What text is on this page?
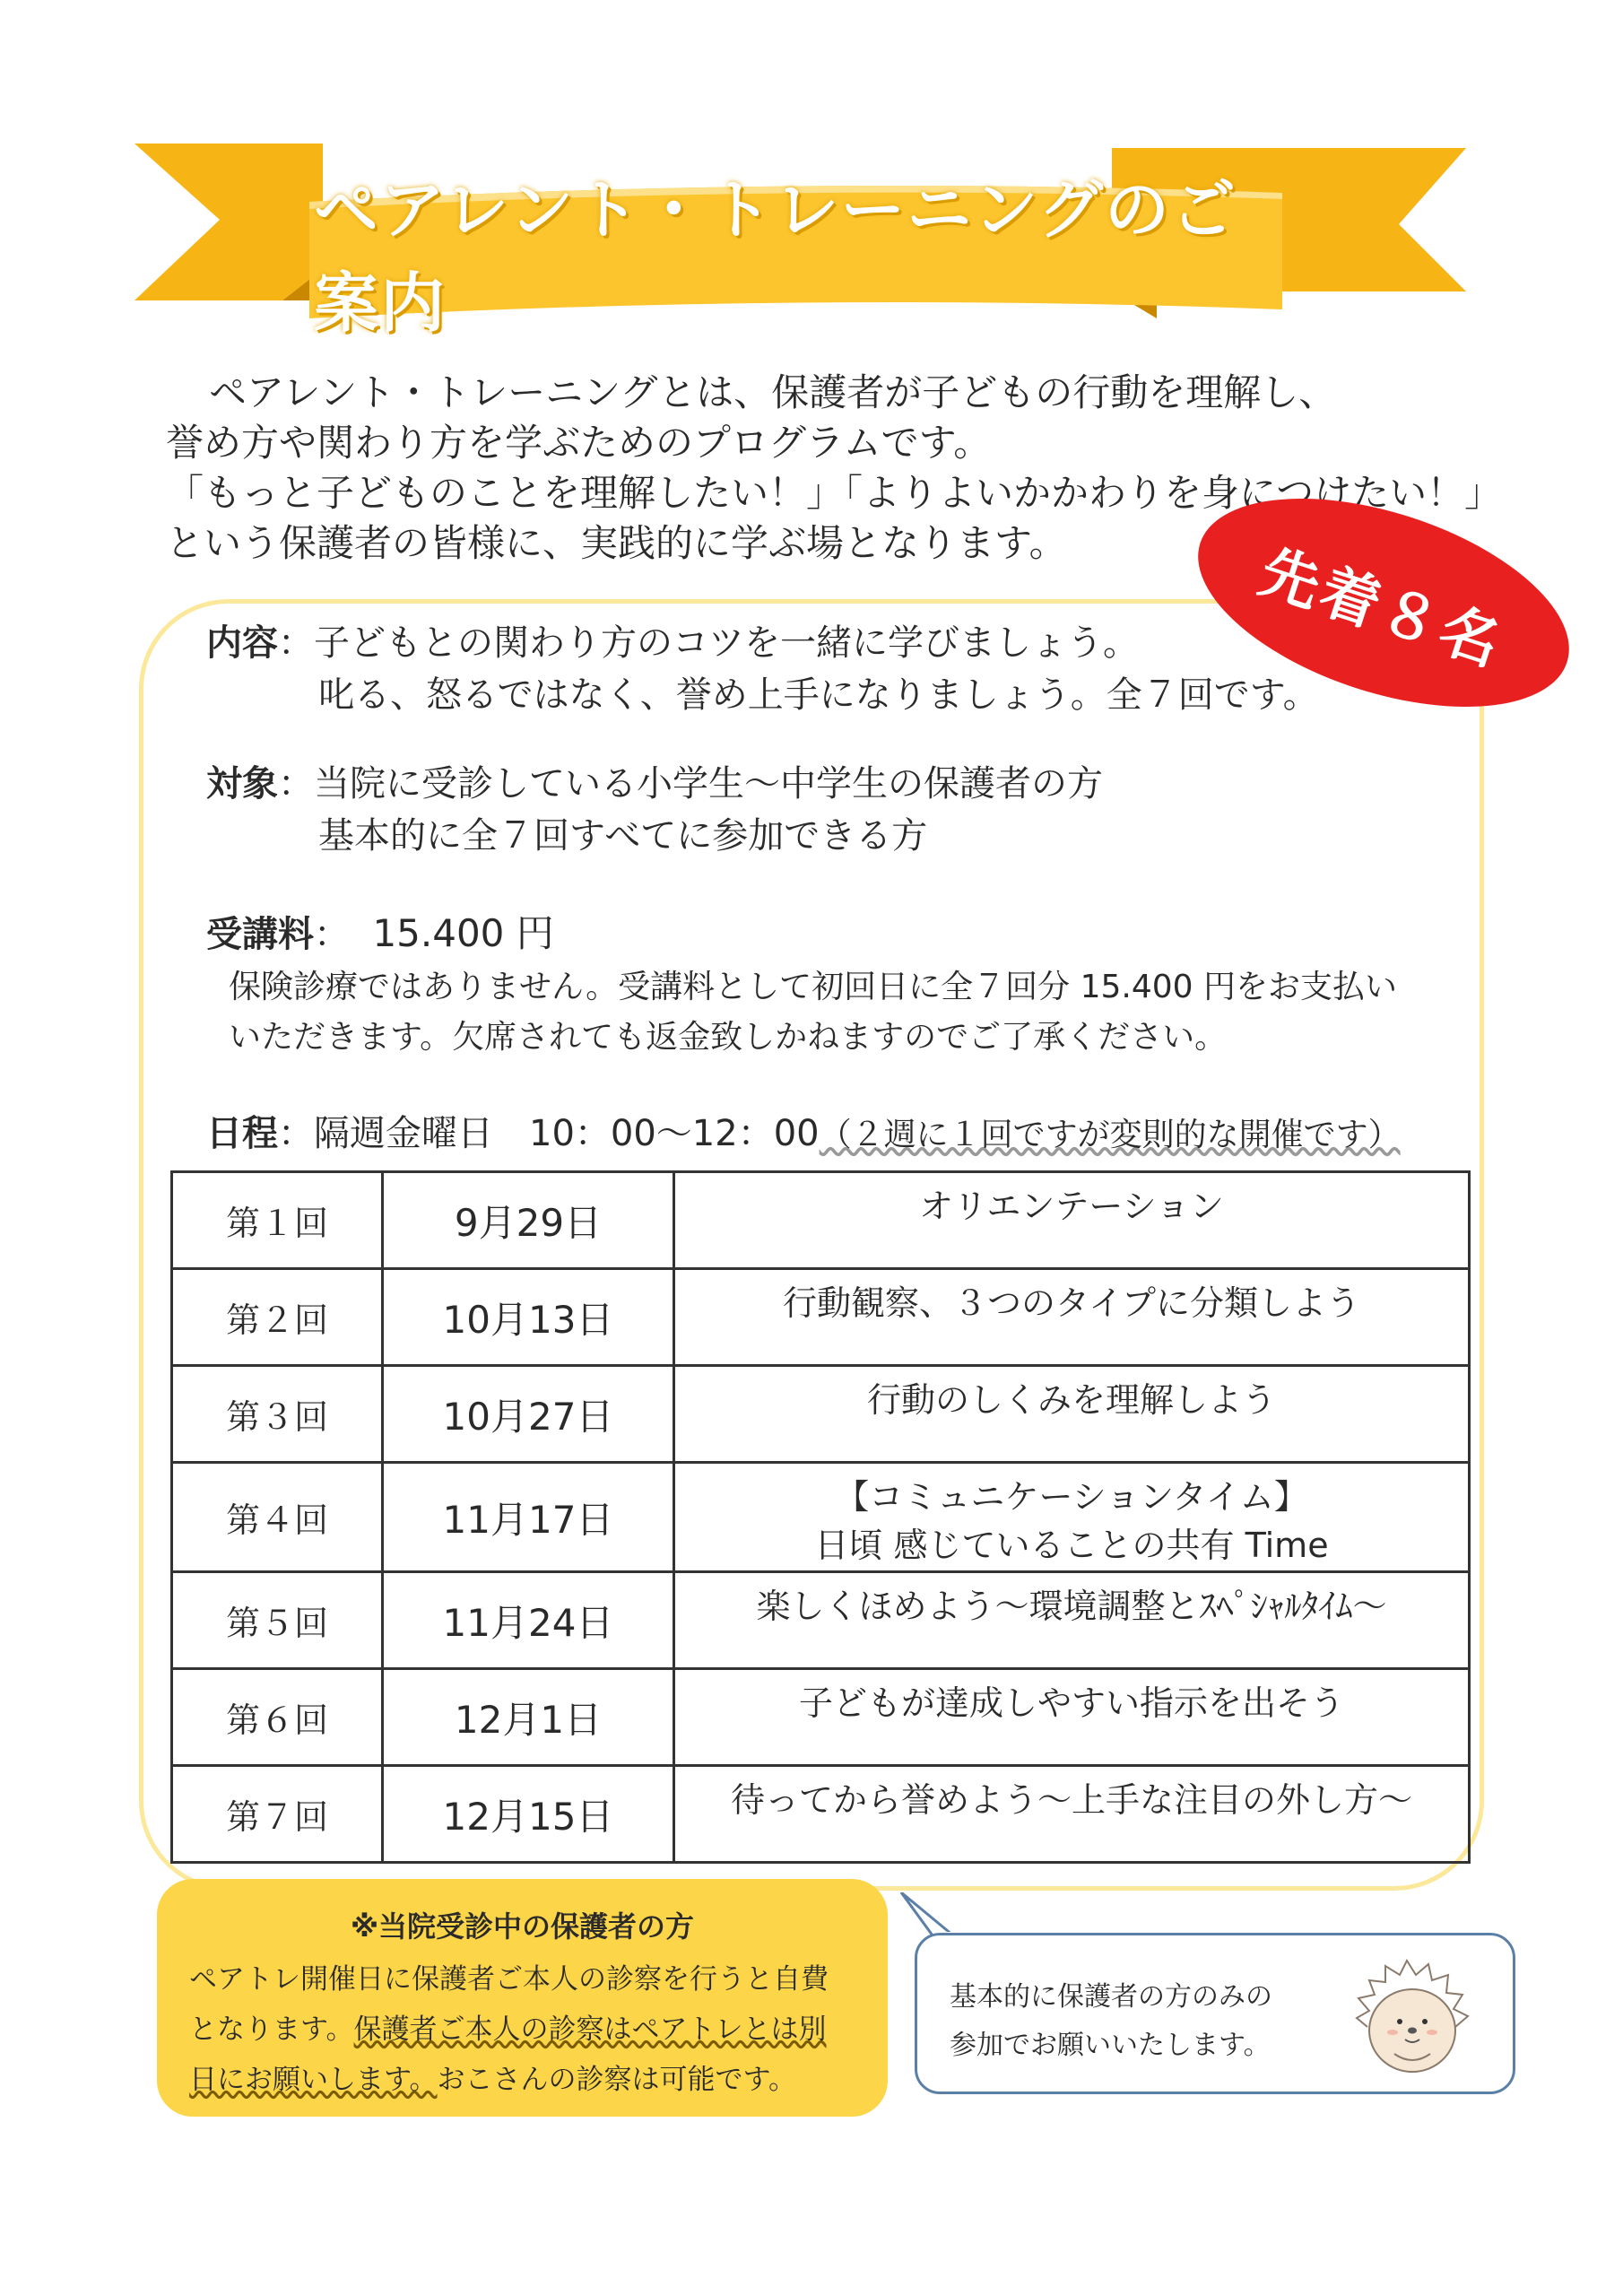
ペアレント・トレーニングのご案内

ペアレント・トレーニングとは、保護者が子どもの行動を理解し、

誉め方や関わり方を学ぶためのプログラムです。

「もっと子どものことを理解したい！」「よりよいかかわりを身につけたい！」

という保護者の皆様に、実践的に学ぶ場となります。	先着８名
内容：子どもとの関わり方のコツを一緒に学びましょう。
叱る、怒るではなく、誉め上手になりましょう。全７回です。
対象：当院に受診している小学生～中学生の保護者の方
基本的に全７回すべてに参加できる方
受講料： 15.400 円
保険診療ではありません。受講料として初回日に全７回分 15.400 円をお支払い
いただきます。欠席されても返金致しかねますのでご了承ください。
日程：隔週金曜日　10：00～12：00（２週に１回ですが変則的な開催です）
第１回	9月29日	オリエンテーション
第２回	10月13日	行動観察、３つのタイプに分類しよう
第３回	10月27日	行動のしくみを理解しよう
第４回	11月17日	【コミュニケーションタイム】
日頃 感じていることの共有 Time
第５回	11月24日	楽しくほめよう～環境調整とｽﾍﾟｼｬﾙﾀｲﾑ～
第６回	12月1日	子どもが達成しやすい指示を出そう
第７回	12月15日	待ってから誉めよう～上手な注目の外し方～
※当院受診中の保護者の方
ペアトレ開催日に保護者ご本人の診察を行うと自費
となります。保護者ご本人の診察はペアトレとは別
日にお願いします。おこさんの診察は可能です。
基本的に保護者の方のみの
参加でお願いいたします。
